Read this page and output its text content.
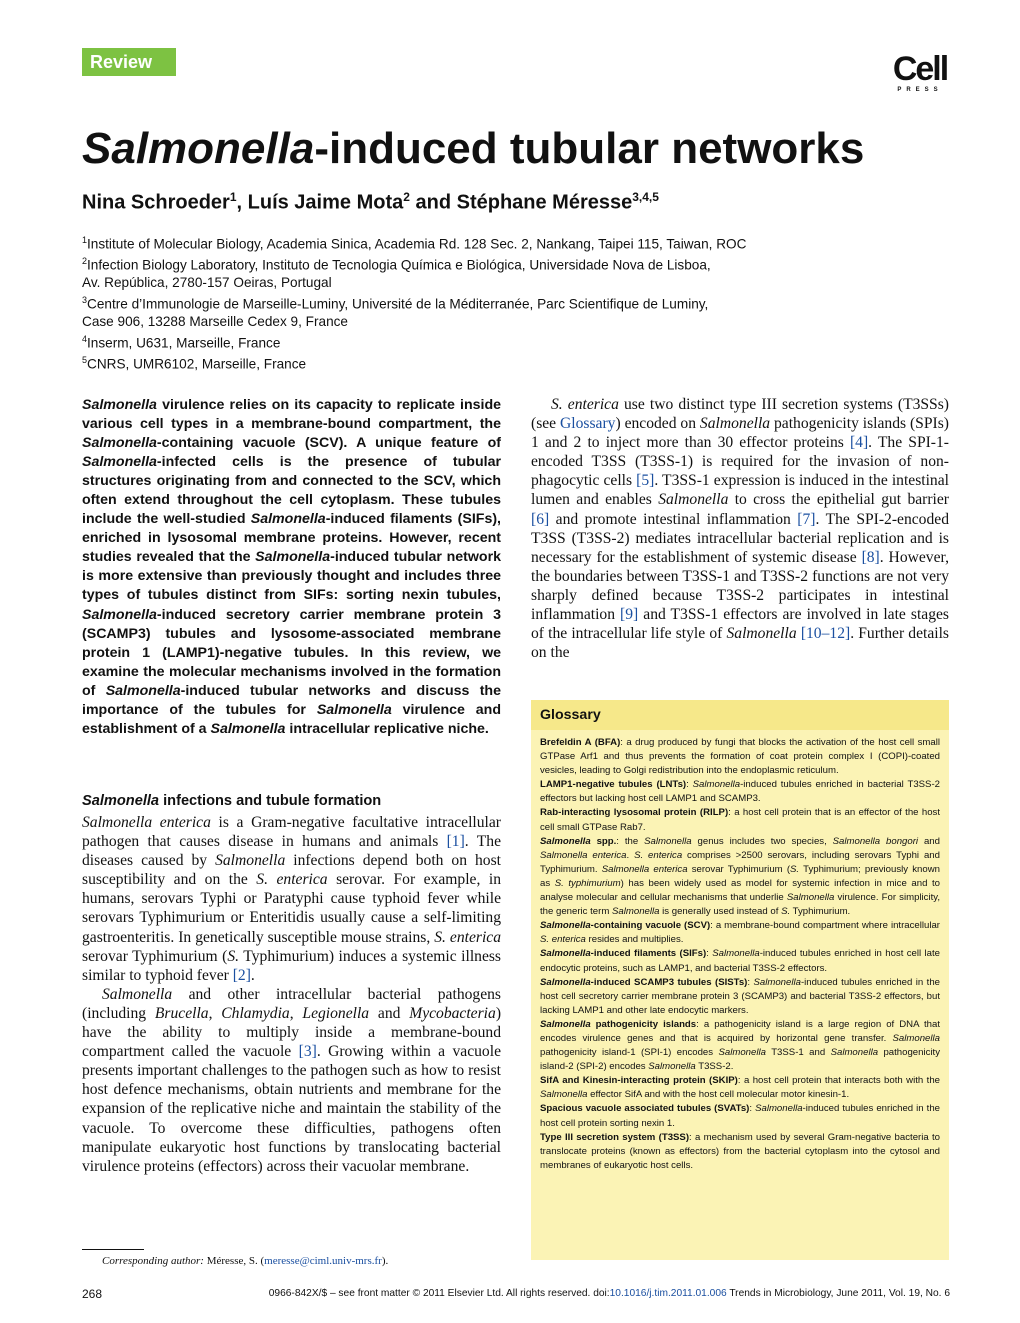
Review	Cell
PRESS
Salmonella-induced tubular networks
Nina Schroeder$^1$, Luís Jaime Mota$^2$ and Stéphane Méresse$^{3,4,5}$
$^1$Institute of Molecular Biology, Academia Sinica, Academia Rd. 128 Sec. 2, Nankang, Taipei 115, Taiwan, ROC
$^2$Infection Biology Laboratory, Instituto de Tecnologia Química e Biológica, Universidade Nova de Lisboa,
Av. República, 2780-157 Oeiras, Portugal
$^3$Centre d’Immunologie de Marseille-Luminy, Université de la Méditerranée, Parc Scientifique de Luminy,
Case 906, 13288 Marseille Cedex 9, France
$^4$Inserm, U631, Marseille, France
$^5$CNRS, UMR6102, Marseille, France
Salmonella virulence relies on its capacity to replicate inside various cell types in a membrane-bound compartment, the Salmonella-containing vacuole (SCV). A unique feature of Salmonella-infected cells is the presence of tubular structures originating from and connected to the SCV, which often extend throughout the cell cytoplasm. These tubules include the well-studied Salmonella-induced filaments (SIFs), enriched in lysosomal membrane proteins. However, recent studies revealed that the Salmonella-induced tubular network is more extensive than previously thought and includes three types of tubules distinct from SIFs: sorting nexin tubules, Salmonella-induced secretory carrier membrane protein 3 (SCAMP3) tubules and lysosome-associated membrane protein 1 (LAMP1)-negative tubules. In this review, we examine the molecular mechanisms involved in the formation of Salmonella-induced tubular networks and discuss the importance of the tubules for Salmonella virulence and establishment of a Salmonella intracellular replicative niche.
Salmonella infections and tubule formation

Salmonella enterica is a Gram-negative facultative intracellular pathogen that causes disease in humans and animals [1]. The diseases caused by Salmonella infections depend both on host susceptibility and on the S. enterica serovar. For example, in humans, serovars Typhi or Paratyphi cause typhoid fever while serovars Typhimurium or Enteritidis usually cause a self-limiting gastroenteritis. In genetically susceptible mouse strains, S. enterica serovar Typhimurium (S. Typhimurium) induces a systemic illness similar to typhoid fever [2].

Salmonella and other intracellular bacterial pathogens (including Brucella, Chlamydia, Legionella and Mycobacteria) have the ability to multiply inside a membrane-bound compartment called the vacuole [3]. Growing within a vacuole presents important challenges to the pathogen such as how to resist host defence mechanisms, obtain nutrients and membrane for the expansion of the replicative niche and maintain the stability of the vacuole. To overcome these difficulties, pathogens often manipulate eukaryotic host functions by translocating bacterial virulence proteins (effectors) across their vacuolar membrane.

S. enterica use two distinct type III secretion systems (T3SSs) (see Glossary) encoded on Salmonella pathogenicity islands (SPIs) 1 and 2 to inject more than 30 effector proteins [4]. The SPI-1-encoded T3SS (T3SS-1) is required for the invasion of non-phagocytic cells [5]. T3SS-1 expression is induced in the intestinal lumen and enables Salmonella to cross the epithelial gut barrier [6] and promote intestinal inflammation [7]. The SPI-2-encoded T3SS (T3SS-2) mediates intracellular bacterial replication and is necessary for the establishment of systemic disease [8]. However, the boundaries between T3SS-1 and T3SS-2 functions are not very sharply defined because T3SS-2 participates in intestinal inflammation [9] and T3SS-1 effectors are involved in late stages of the intracellular life style of Salmonella [10–12]. Further details on the

Glossary

Brefeldin A (BFA): a drug produced by fungi that blocks the activation of the host cell small GTPase Arf1 and thus prevents the formation of coat protein complex I (COPI)-coated vesicles, leading to Golgi redistribution into the endoplasmic reticulum.

LAMP1-negative tubules (LNTs): Salmonella-induced tubules enriched in bacterial T3SS-2 effectors but lacking host cell LAMP1 and SCAMP3.

Rab-interacting lysosomal protein (RILP): a host cell protein that is an effector of the host cell small GTPase Rab7.

Salmonella spp.: the Salmonella genus includes two species, Salmonella bongori and Salmonella enterica. S. enterica comprises >2500 serovars, including serovars Typhi and Typhimurium. Salmonella enterica serovar Typhimurium (S. Typhimurium; previously known as S. typhimurium) has been widely used as model for systemic infection in mice and to analyse molecular and cellular mechanisms that underlie Salmonella virulence. For simplicity, the generic term Salmonella is generally used instead of S. Typhimurium.

Salmonella-containing vacuole (SCV): a membrane-bound compartment where intracellular S. enterica resides and multiplies.

Salmonella-induced filaments (SIFs): Salmonella-induced tubules enriched in host cell late endocytic proteins, such as LAMP1, and bacterial T3SS-2 effectors.

Salmonella-induced SCAMP3 tubules (SISTs): Salmonella-induced tubules enriched in the host cell secretory carrier membrane protein 3 (SCAMP3) and bacterial T3SS-2 effectors, but lacking LAMP1 and other late endocytic markers.

Salmonella pathogenicity islands: a pathogenicity island is a large region of DNA that encodes virulence genes and that is acquired by horizontal gene transfer. Salmonella pathogenicity island-1 (SPI-1) encodes Salmonella T3SS-1 and Salmonella pathogenicity island-2 (SPI-2) encodes Salmonella T3SS-2.

SifA and Kinesin-interacting protein (SKIP): a host cell protein that interacts both with the Salmonella effector SifA and with the host cell molecular motor kinesin-1.

Spacious vacuole associated tubules (SVATs): Salmonella-induced tubules enriched in the host cell protein sorting nexin 1.

Type III secretion system (T3SS): a mechanism used by several Gram-negative bacteria to translocate proteins (known as effectors) from the bacterial cytoplasm into the cytosol and membranes of eukaryotic host cells.

Corresponding author: Méresse, S. (meresse@ciml.univ-mrs.fr).
268	0966-842X/$ – see front matter © 2011 Elsevier Ltd. All rights reserved. doi:10.1016/j.tim.2011.01.006 Trends in Microbiology, June 2011, Vol. 19, No. 6
